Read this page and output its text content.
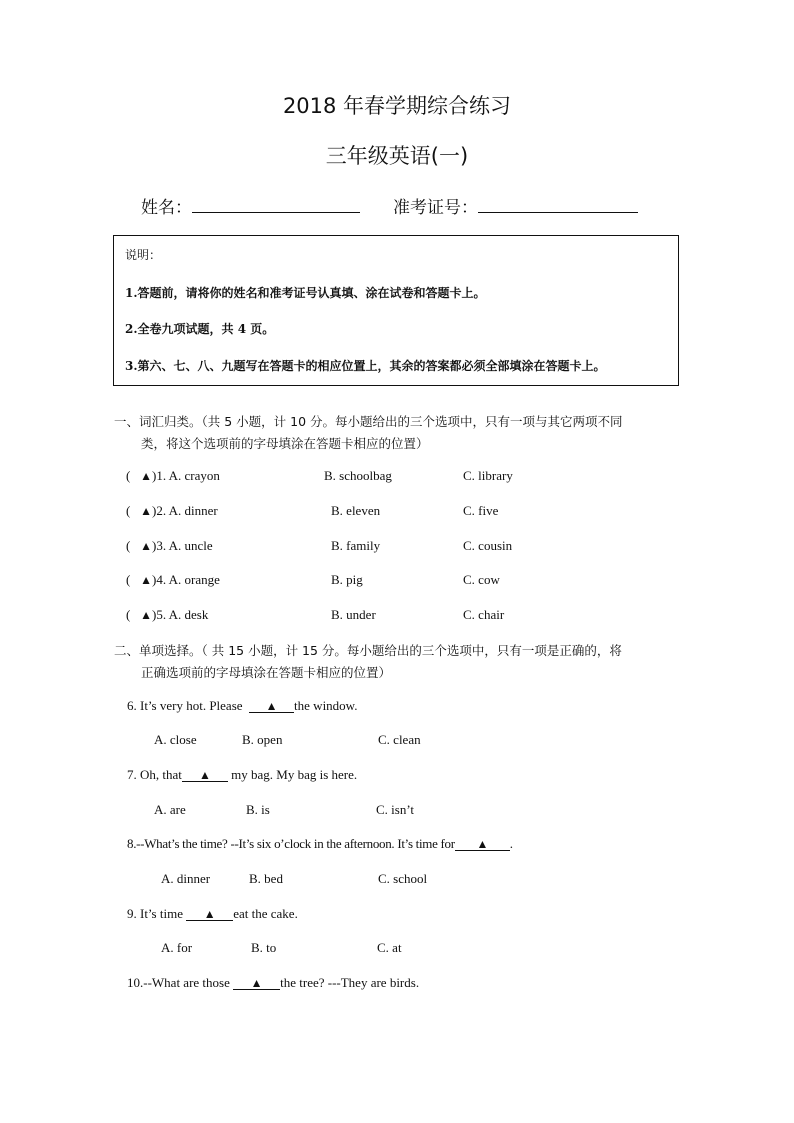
2018 年春学期综合练习
三年级英语(一)
姓名：	准考证号：
说明：
1.答题前，请将你的姓名和准考证号认真填、涂在试卷和答题卡上。
2.全卷九项试题，共 4 页。
3.第六、七、八、九题写在答题卡的相应位置上，其余的答案都必须全部填涂在答题卡上。
一、词汇归类。（共 5 小题，计 10 分。每小题给出的三个选项中，只有一项与其它两项不同
类，将这个选项前的字母填涂在答题卡相应的位置）
( ▲)1. A. crayon	B. schoolbag	C. library
( ▲)2. A. dinner	B. eleven	C. five
( ▲)3. A. uncle	B. family	C. cousin
( ▲)4. A. orange	B. pig	C. cow
( ▲)5. A. desk	B. under	C. chair
二、单项选择。（ 共 15 小题，计 15 分。每小题给出的三个选项中，只有一项是正确的，将
正确选项前的字母填涂在答题卡相应的位置）
6. It’s very hot. Please  ▲ the window.
A. close	B. open	C. clean
7. Oh, that ▲ my bag. My bag is here.
A. are	B. is	C. isn’t
8.--What’s the time? --It’s six o’clock in the afternoon. It’s time for ▲ .
A. dinner	B. bed	C. school
9. It’s time ▲ eat the cake.
A. for	B. to	C. at
10.--What are those ▲ the tree? ---They are birds.
